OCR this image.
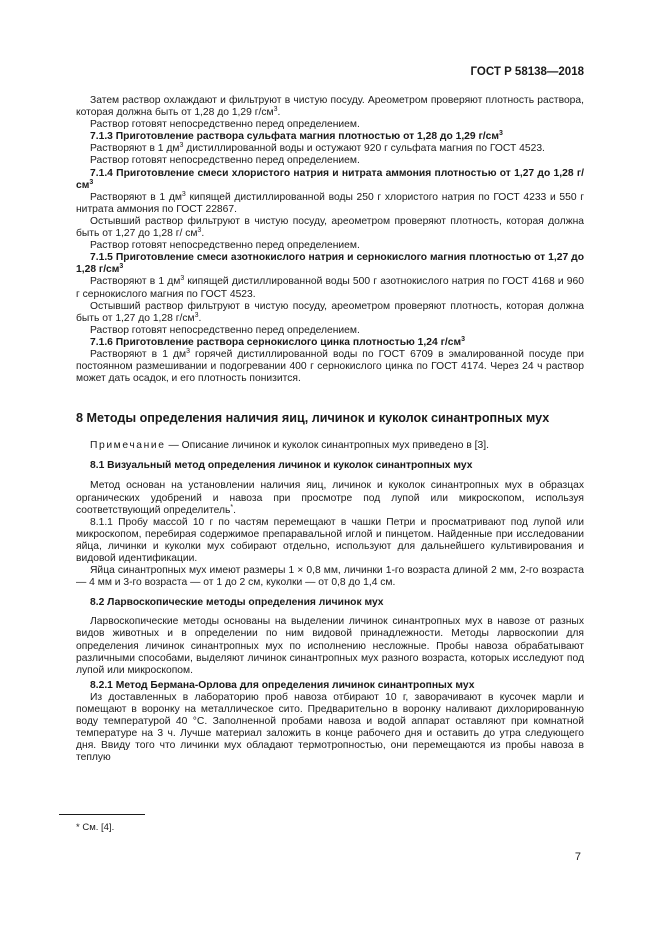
ГОСТ Р 58138—2018

Затем раствор охлаждают и фильтруют в чистую посуду. Ареометром проверяют плотность раствора, которая должна быть от 1,28 до 1,29 $г/см^3$.

Раствор готовят непосредственно перед определением.

7.1.3 Приготовление раствора сульфата магния плотностью от 1,28 до 1,29 $г/см^3$

Растворяют в 1 $дм^3$ дистиллированной воды и остужают 920 г сульфата магния по ГОСТ 4523.

Раствор готовят непосредственно перед определением.

7.1.4 Приготовление смеси хлористого натрия и нитрата аммония плотностью от 1,27 до 1,28 г/ $см^3$

Растворяют в 1 $дм^3$ кипящей дистиллированной воды 250 г хлористого натрия по ГОСТ 4233 и 550 г нитрата аммония по ГОСТ 22867.

Остывший раствор фильтруют в чистую посуду, ареометром проверяют плотность, которая должна быть от 1,27 до 1,28 г/ $см^3$.

Раствор готовят непосредственно перед определением.

7.1.5 Приготовление смеси азотнокислого натрия и сернокислого магния плотностью от 1,27 до 1,28 $г/см^3$

Растворяют в 1 $дм^3$ кипящей дистиллированной воды 500 г азотнокислого натрия по ГОСТ 4168 и 960 г сернокислого магния по ГОСТ 4523.

Остывший раствор фильтруют в чистую посуду, ареометром проверяют плотность, которая должна быть от 1,27 до 1,28 $г/см^3$.

Раствор готовят непосредственно перед определением.

7.1.6 Приготовление раствора сернокислого цинка плотностью 1,24 $г/см^3$

Растворяют в 1 $дм^3$ горячей дистиллированной воды по ГОСТ 6709 в эмалированной посуде при постоянном размешивании и подогревании 400 г сернокислого цинка по ГОСТ 4174. Через 24 ч раствор может дать осадок, и его плотность понизится.

8 Методы определения наличия яиц, личинок и куколок синантропных мух

Примечание — Описание личинок и куколок синантропных мух приведено в [3].

8.1 Визуальный метод определения личинок и куколок синантропных мух

Метод основан на установлении наличия яиц, личинок и куколок синантропных мух в образцах органических удобрений и навоза при просмотре под лупой или микроскопом, используя соответствующий определитель*.

8.1.1 Пробу массой 10 г по частям перемещают в чашки Петри и просматривают под лупой или микроскопом, перебирая содержимое препаравальной иглой и пинцетом. Найденные при исследовании яйца, личинки и куколки мух собирают отдельно, используют для дальнейшего культивирования и видовой идентификации.

Яйца синантропных мух имеют размеры 1 × 0,8 мм, личинки 1-го возраста длиной 2 мм, 2-го возраста — 4 мм и 3-го возраста — от 1 до 2 см, куколки — от 0,8 до 1,4 см.

8.2 Ларвоскопические методы определения личинок мух

Ларвоскопические методы основаны на выделении личинок синантропных мух в навозе от разных видов животных и в определении по ним видовой принадлежности. Методы ларвоскопии для определения личинок синантропных мух по исполнению несложные. Пробы навоза обрабатывают различными способами, выделяют личинок синантропных мух разного возраста, которых исследуют под лупой или микроскопом.

8.2.1 Метод Бермана-Орлова для определения личинок синантропных мух

Из доставленных в лабораторию проб навоза отбирают 10 г, заворачивают в кусочек марли и помещают в воронку на металлическое сито. Предварительно в воронку наливают дихлорированную воду температурой 40 °С. Заполненной пробами навоза и водой аппарат оставляют при комнатной температуре на 3 ч. Лучше материал заложить в конце рабочего дня и оставить до утра следующего дня. Ввиду того что личинки мух обладают термотропностью, они перемещаются из пробы навоза в теплую

* См. [4].
7
